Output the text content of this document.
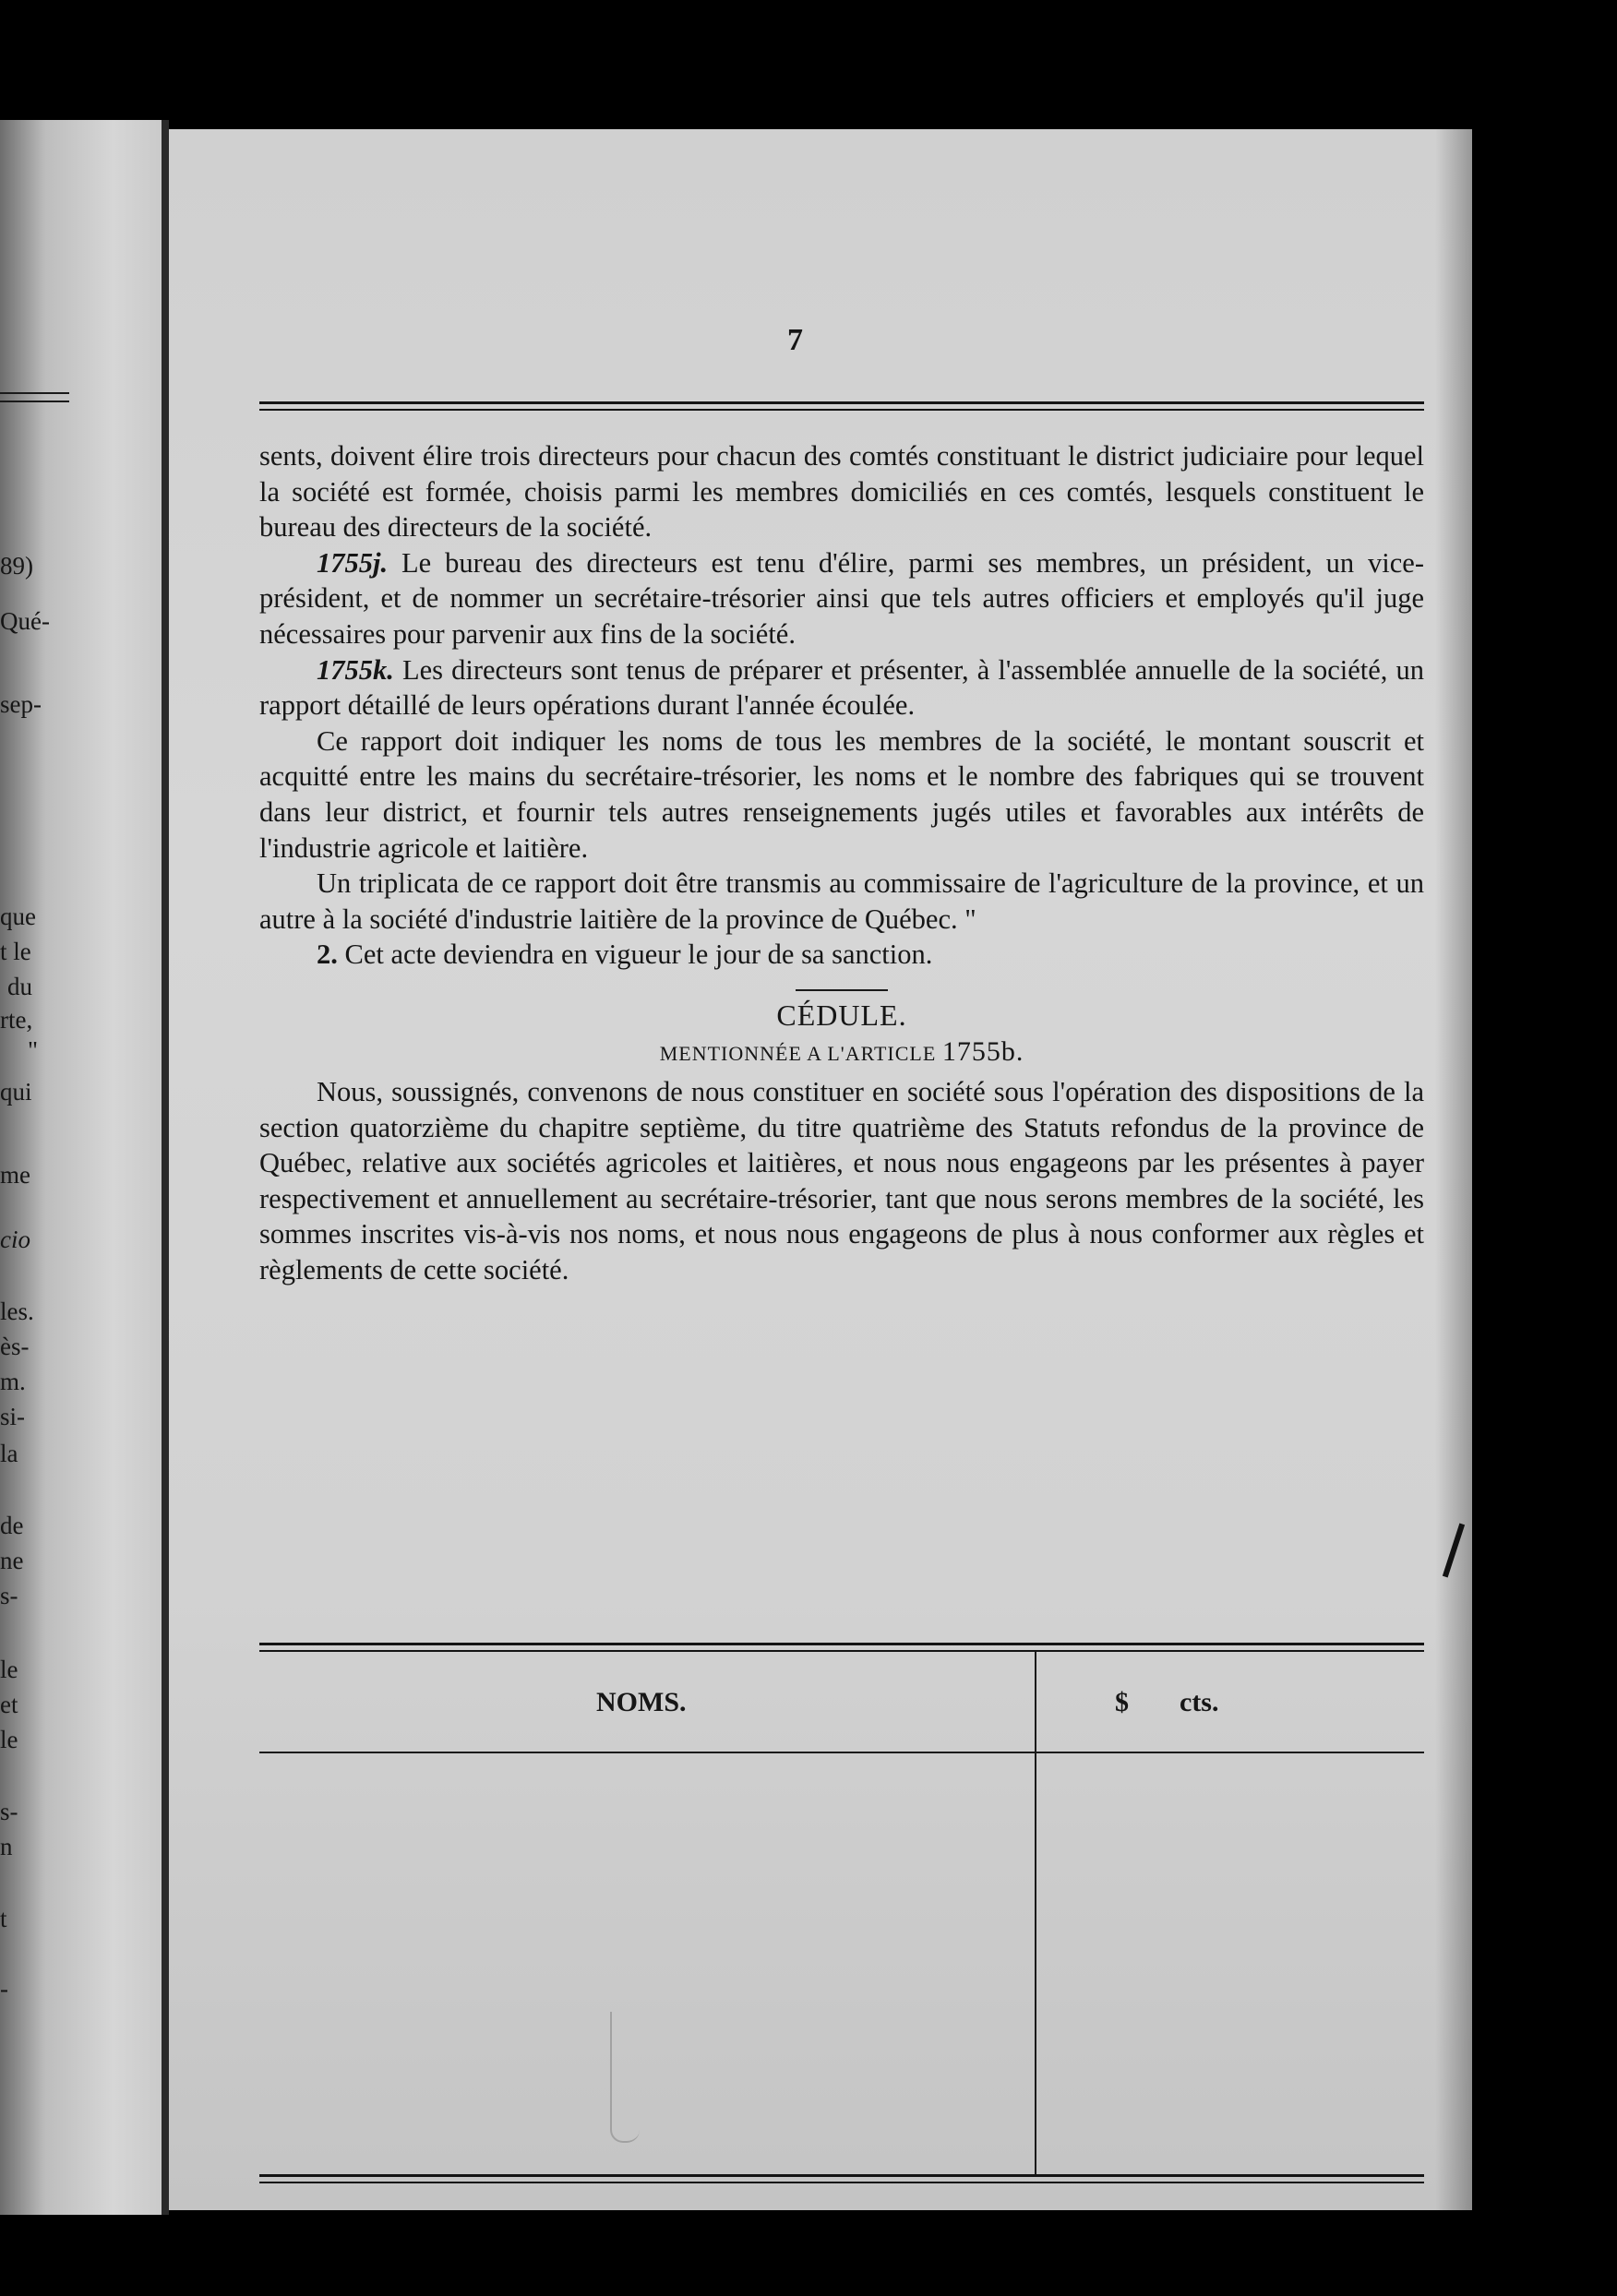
89)
Qué-
sep-
que
t le
du
rte,
"
qui
me
cio
les.
ès-
m.
si-
la
de
ne
s-
le
et
le
s-
n
t
-
7

sents, doivent élire trois directeurs pour chacun des comtés constituant le district judiciaire pour lequel la société est formée, choisis parmi les membres domiciliés en ces comtés, lesquels constituent le bureau des directeurs de la société.

1755j. Le bureau des directeurs est tenu d'élire, parmi ses membres, un président, un vice-président, et de nommer un secrétaire-trésorier ainsi que tels autres officiers et employés qu'il juge nécessaires pour parvenir aux fins de la société.

1755k. Les directeurs sont tenus de préparer et présenter, à l'assemblée annuelle de la société, un rapport détaillé de leurs opérations durant l'année écoulée.

Ce rapport doit indiquer les noms de tous les membres de la société, le montant souscrit et acquitté entre les mains du secrétaire-trésorier, les noms et le nombre des fabriques qui se trouvent dans leur district, et fournir tels autres renseignements jugés utiles et favorables aux intérêts de l'industrie agricole et laitière.

Un triplicata de ce rapport doit être transmis au commissaire de l'agriculture de la province, et un autre à la société d'industrie laitière de la province de Québec. "

2. Cet acte deviendra en vigueur le jour de sa sanction.

CÉDULE.
MENTIONNÉE A L'ARTICLE 1755b.

Nous, soussignés, convenons de nous constituer en société sous l'opération des dispositions de la section quatorzième du chapitre septième, du titre quatrième des Statuts refondus de la province de Québec, relative aux sociétés agricoles et laitières, et nous nous engageons par les présentes à payer respectivement et annuellement au secrétaire-trésorier, tant que nous serons membres de la société, les sommes inscrites vis-à-vis nos noms, et nous nous engageons de plus à nous conformer aux règles et règlements de cette société.

NOMS.	$ cts.
